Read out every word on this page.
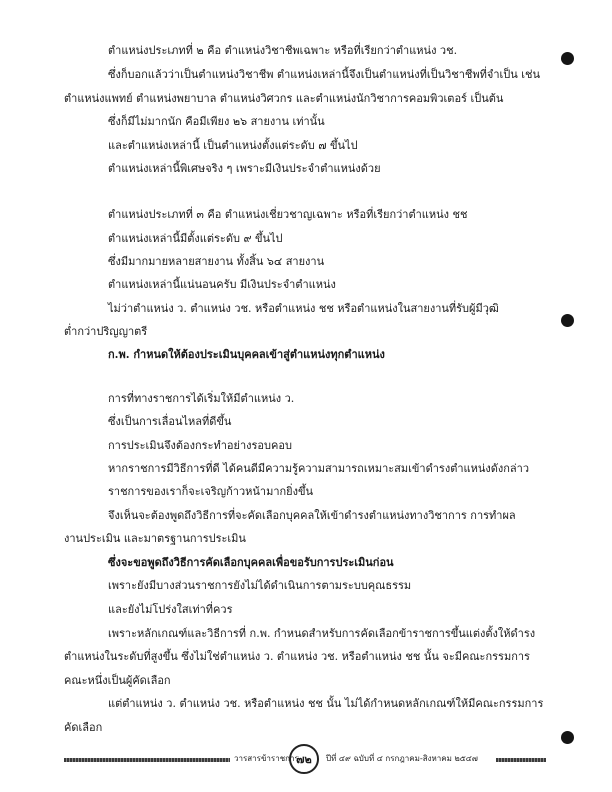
ตำแหน่งประเภทที่ ๒ คือ ตำแหน่งวิชาชีพเฉพาะ หรือที่เรียกว่าตำแหน่ง วช.
ซึ่งก็บอกแล้วว่าเป็นตำแหน่งวิชาชีพ ตำแหน่งเหล่านี้จึงเป็นตำแหน่งที่เป็นวิชาชีพที่จำเป็น เช่น
ตำแหน่งแพทย์ ตำแหน่งพยาบาล ตำแหน่งวิศวกร และตำแหน่งนักวิชาการคอมพิวเตอร์ เป็นต้น
ซึ่งก็มีไม่มากนัก คือมีเพียง ๒๖ สายงาน เท่านั้น
และตำแหน่งเหล่านี้ เป็นตำแหน่งตั้งแต่ระดับ ๗ ขึ้นไป
ตำแหน่งเหล่านี้พิเศษจริง ๆ เพราะมีเงินประจำตำแหน่งด้วย
ตำแหน่งประเภทที่ ๓ คือ ตำแหน่งเชี่ยวชาญเฉพาะ หรือที่เรียกว่าตำแหน่ง ชช
ตำแหน่งเหล่านี้มีตั้งแต่ระดับ ๙ ขึ้นไป
ซึ่งมีมากมายหลายสายงาน ทั้งสิ้น ๖๔ สายงาน
ตำแหน่งเหล่านี้แน่นอนครับ มีเงินประจำตำแหน่ง
ไม่ว่าตำแหน่ง ว. ตำแหน่ง วช. หรือตำแหน่ง ชช หรือตำแหน่งในสายงานที่รับผู้มีวุฒิ
ต่ำกว่าปริญญาตรี
ก.พ. กำหนดให้ต้องประเมินบุคคลเข้าสู่ตำแหน่งทุกตำแหน่ง
การที่ทางราชการได้เริ่มให้มีตำแหน่ง ว.
ซึ่งเป็นการเลื่อนไหลที่ดีขึ้น
การประเมินจึงต้องกระทำอย่างรอบคอบ
หากราชการมีวิธีการที่ดี ได้คนดีมีความรู้ความสามารถเหมาะสมเข้าดำรงตำแหน่งดังกล่าว
ราชการของเราก็จะเจริญก้าวหน้ามากยิ่งขึ้น
จึงเห็นจะต้องพูดถึงวิธีการที่จะคัดเลือกบุคคลให้เข้าดำรงตำแหน่งทางวิชาการ การทำผล
งานประเมิน และมาตรฐานการประเมิน
ซึ่งจะขอพูดถึงวิธีการคัดเลือกบุคคลเพื่อขอรับการประเมินก่อน
เพราะยังมีบางส่วนราชการยังไม่ได้ดำเนินการตามระบบคุณธรรม
และยังไม่โปร่งใสเท่าที่ควร
เพราะหลักเกณฑ์และวิธีการที่ ก.พ. กำหนดสำหรับการคัดเลือกข้าราชการขึ้นแต่งตั้งให้ดำรง
ตำแหน่งในระดับที่สูงขึ้น ซึ่งไม่ใช่ตำแหน่ง ว. ตำแหน่ง วช. หรือตำแหน่ง ชช นั้น จะมีคณะกรรมการ
คณะหนึ่งเป็นผู้คัดเลือก
แต่ตำแหน่ง ว. ตำแหน่ง วช. หรือตำแหน่ง ชช นั้น ไม่ได้กำหนดหลักเกณฑ์ให้มีคณะกรรมการ
คัดเลือก
วารสารข้าราชการ
๗๒ ปีที่ ๔๙ ฉบับที่ ๔ กรกฎาคม-สิงหาคม ๒๕๔๗
